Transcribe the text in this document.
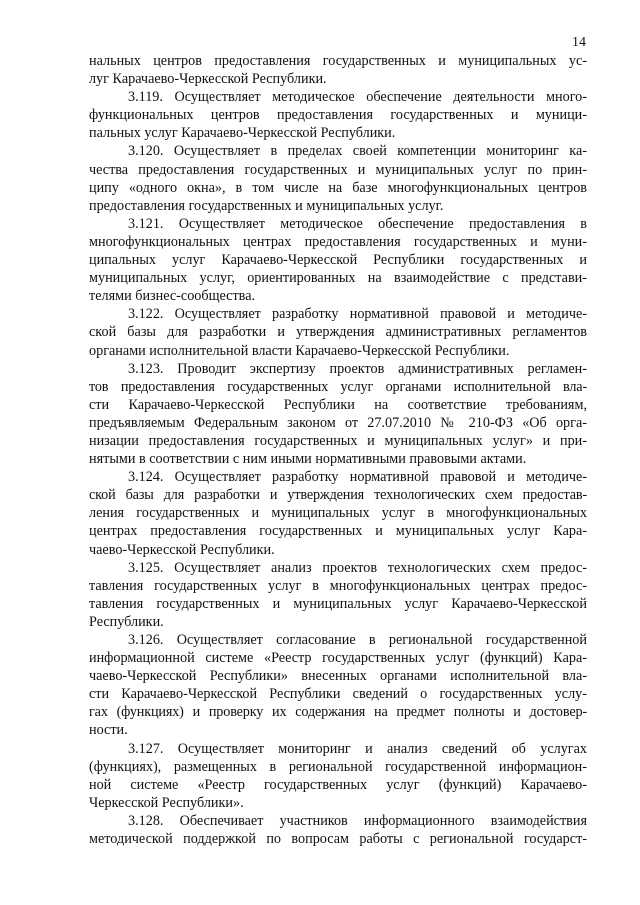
14
нальных центров предоставления государственных и муниципальных ус-
луг Карачаево-Черкесской Республики.
3.119. Осуществляет методическое обеспечение деятельности много-
функциональных центров предоставления государственных и муници-
пальных услуг Карачаево-Черкесской Республики.
3.120. Осуществляет в пределах своей компетенции мониторинг ка-
чества предоставления государственных и муниципальных услуг по прин-
ципу «одного окна», в том числе на базе многофункциональных центров
предоставления государственных и муниципальных услуг.
3.121. Осуществляет методическое обеспечение предоставления в
многофункциональных центрах предоставления государственных и муни-
ципальных услуг Карачаево-Черкесской Республики государственных и
муниципальных услуг, ориентированных на взаимодействие с представи-
телями бизнес-сообщества.
3.122. Осуществляет разработку нормативной правовой и методиче-
ской базы для разработки и утверждения административных регламентов
органами исполнительной власти Карачаево-Черкесской Республики.
3.123. Проводит экспертизу проектов административных регламен-
тов предоставления государственных услуг органами исполнительной вла-
сти Карачаево-Черкесской Республики на соответствие требованиям,
предъявляемым Федеральным законом от 27.07.2010 № 210-ФЗ «Об орга-
низации предоставления государственных и муниципальных услуг» и при-
нятыми в соответствии с ним иными нормативными правовыми актами.
3.124. Осуществляет разработку нормативной правовой и методиче-
ской базы для разработки и утверждения технологических схем предостав-
ления государственных и муниципальных услуг в многофункциональных
центрах предоставления государственных и муниципальных услуг Кара-
чаево-Черкесской Республики.
3.125. Осуществляет анализ проектов технологических схем предос-
тавления государственных услуг в многофункциональных центрах предос-
тавления государственных и муниципальных услуг Карачаево-Черкесской
Республики.
3.126. Осуществляет согласование в региональной государственной
информационной системе «Реестр государственных услуг (функций) Кара-
чаево-Черкесской Республики» внесенных органами исполнительной вла-
сти Карачаево-Черкесской Республики сведений о государственных услу-
гах (функциях) и проверку их содержания на предмет полноты и достовер-
ности.
3.127. Осуществляет мониторинг и анализ сведений об услугах
(функциях), размещенных в региональной государственной информацион-
ной системе «Реестр государственных услуг (функций) Карачаево-
Черкесской Республики».
3.128. Обеспечивает участников информационного взаимодействия
методической поддержкой по вопросам работы с региональной государст-
